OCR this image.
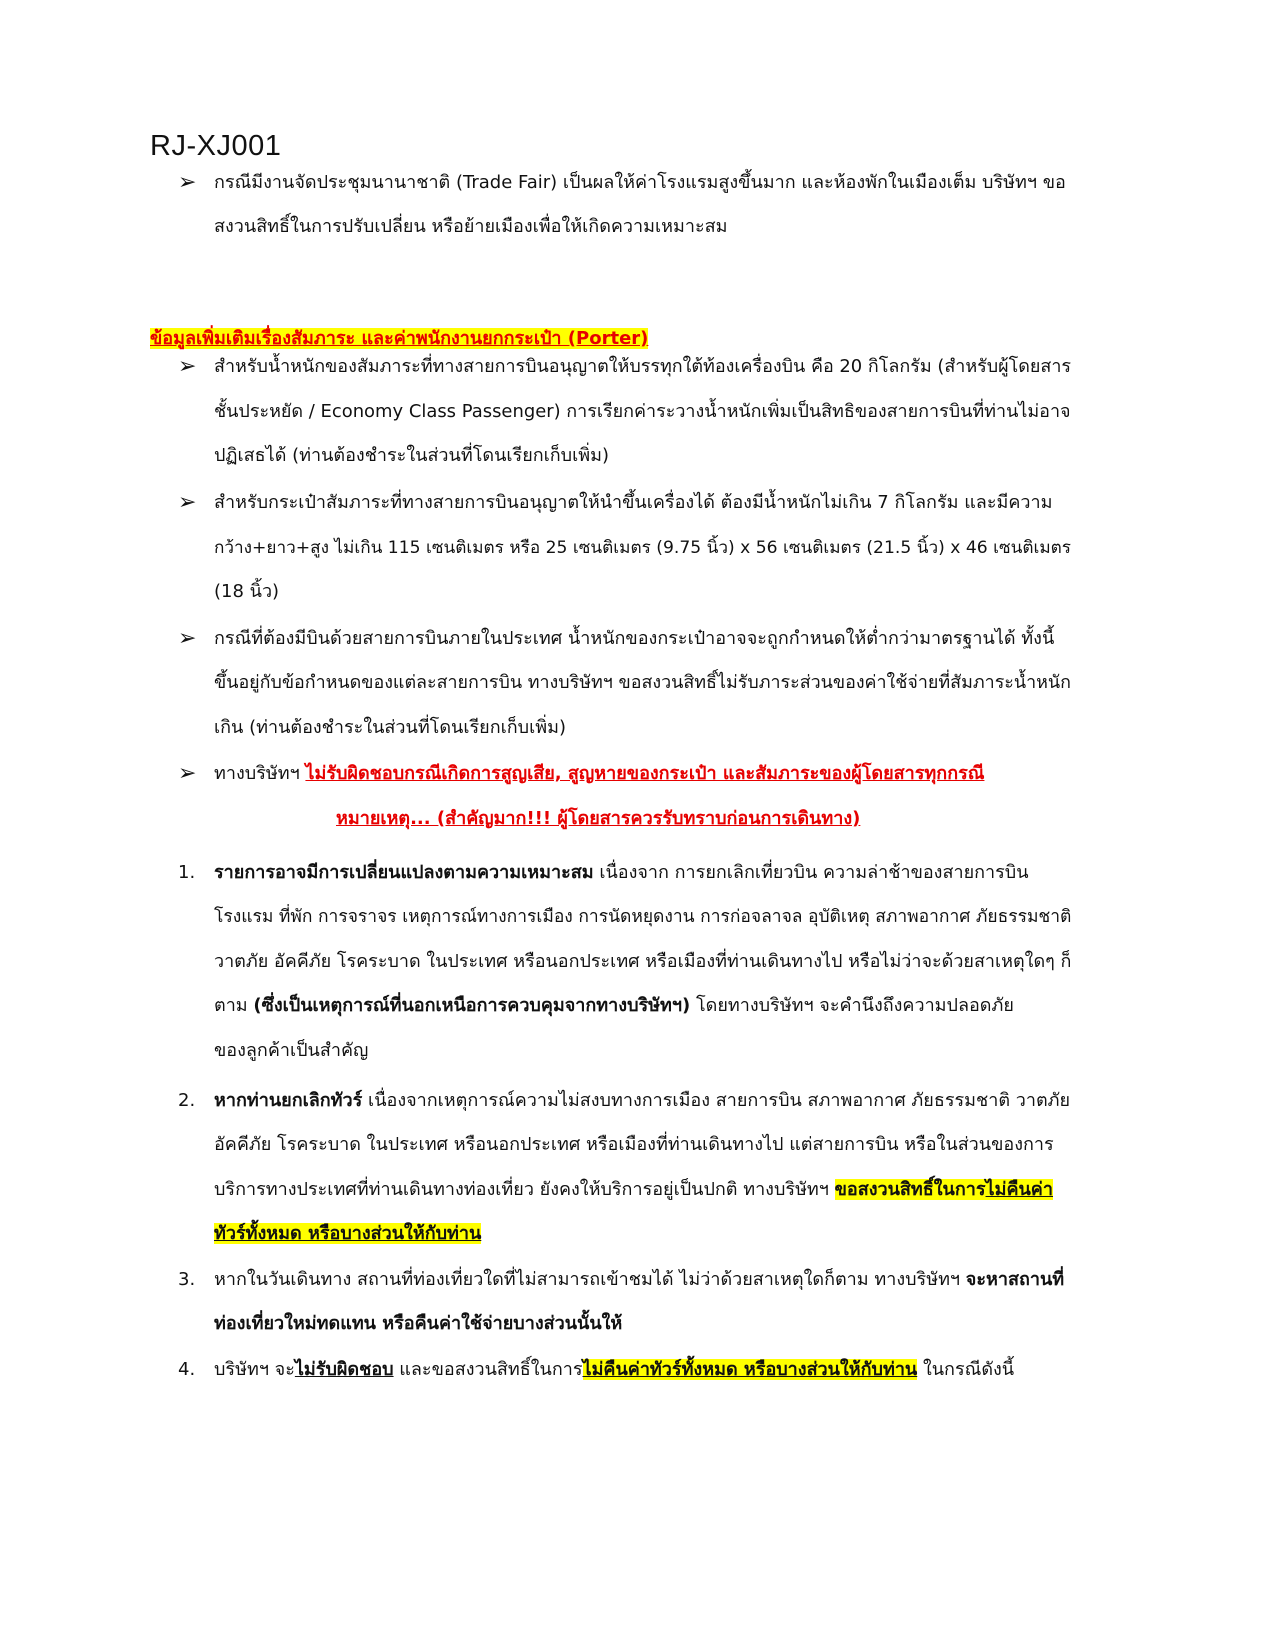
RJ-XJ001
➢ กรณีมีงานจัดประชุมนานาชาติ (Trade Fair) เป็นผลให้ค่าโรงแรมสูงขึ้นมาก และห้องพักในเมืองเต็ม บริษัทฯ ขอ
สงวนสิทธิ์ในการปรับเปลี่ยน หรือย้ายเมืองเพื่อให้เกิดความเหมาะสม
ข้อมูลเพิ่มเติมเรื่องสัมภาระ และค่าพนักงานยกกระเป๋า (Porter)
➢ สำหรับน้ำหนักของสัมภาระที่ทางสายการบินอนุญาตให้บรรทุกใต้ท้องเครื่องบิน คือ 20 กิโลกรัม (สำหรับผู้โดยสาร
ชั้นประหยัด / Economy Class Passenger) การเรียกค่าระวางน้ำหนักเพิ่มเป็นสิทธิของสายการบินที่ท่านไม่อาจ
ปฏิเสธได้ (ท่านต้องชำระในส่วนที่โดนเรียกเก็บเพิ่ม)
➢ สำหรับกระเป๋าสัมภาระที่ทางสายการบินอนุญาตให้นำขึ้นเครื่องได้ ต้องมีน้ำหนักไม่เกิน 7 กิโลกรัม และมีความ
กว้าง+ยาว+สูง ไม่เกิน 115 เซนติเมตร หรือ 25 เซนติเมตร (9.75 นิ้ว) x 56 เซนติเมตร (21.5 นิ้ว) x 46 เซนติเมตร
(18 นิ้ว)
➢ กรณีที่ต้องมีบินด้วยสายการบินภายในประเทศ น้ำหนักของกระเป๋าอาจจะถูกกำหนดให้ต่ำกว่ามาตรฐานได้ ทั้งนี้
ขึ้นอยู่กับข้อกำหนดของแต่ละสายการบิน ทางบริษัทฯ ขอสงวนสิทธิ์ไม่รับภาระส่วนของค่าใช้จ่ายที่สัมภาระน้ำหนัก
เกิน (ท่านต้องชำระในส่วนที่โดนเรียกเก็บเพิ่ม)
➢ ทางบริษัทฯ ไม่รับผิดชอบกรณีเกิดการสูญเสีย, สูญหายของกระเป๋า และสัมภาระของผู้โดยสารทุกกรณี
หมายเหตุ... (สำคัญมาก!!! ผู้โดยสารควรรับทราบก่อนการเดินทาง)
1. รายการอาจมีการเปลี่ยนแปลงตามความเหมาะสม เนื่องจาก การยกเลิกเที่ยวบิน ความล่าช้าของสายการบิน
โรงแรม ที่พัก การจราจร เหตุการณ์ทางการเมือง การนัดหยุดงาน การก่อจลาจล อุบัติเหตุ สภาพอากาศ ภัยธรรมชาติ
วาตภัย อัคคีภัย โรคระบาด ในประเทศ หรือนอกประเทศ หรือเมืองที่ท่านเดินทางไป หรือไม่ว่าจะด้วยสาเหตุใดๆ ก็
ตาม (ซึ่งเป็นเหตุการณ์ที่นอกเหนือการควบคุมจากทางบริษัทฯ) โดยทางบริษัทฯ จะคำนึงถึงความปลอดภัย
ของลูกค้าเป็นสำคัญ
2. หากท่านยกเลิกทัวร์ เนื่องจากเหตุการณ์ความไม่สงบทางการเมือง สายการบิน สภาพอากาศ ภัยธรรมชาติ วาตภัย
อัคคีภัย โรคระบาด ในประเทศ หรือนอกประเทศ หรือเมืองที่ท่านเดินทางไป แต่สายการบิน หรือในส่วนของการ
บริการทางประเทศที่ท่านเดินทางท่องเที่ยว ยังคงให้บริการอยู่เป็นปกติ ทางบริษัทฯ ขอสงวนสิทธิ์ในการไม่คืนค่า
ทัวร์ทั้งหมด หรือบางส่วนให้กับท่าน
3. หากในวันเดินทาง สถานที่ท่องเที่ยวใดที่ไม่สามารถเข้าชมได้ ไม่ว่าด้วยสาเหตุใดก็ตาม ทางบริษัทฯ จะหาสถานที่
ท่องเที่ยวใหม่ทดแทน หรือคืนค่าใช้จ่ายบางส่วนนั้นให้
4. บริษัทฯ จะไม่รับผิดชอบ และขอสงวนสิทธิ์ในการไม่คืนค่าทัวร์ทั้งหมด หรือบางส่วนให้กับท่าน ในกรณีดังนี้
